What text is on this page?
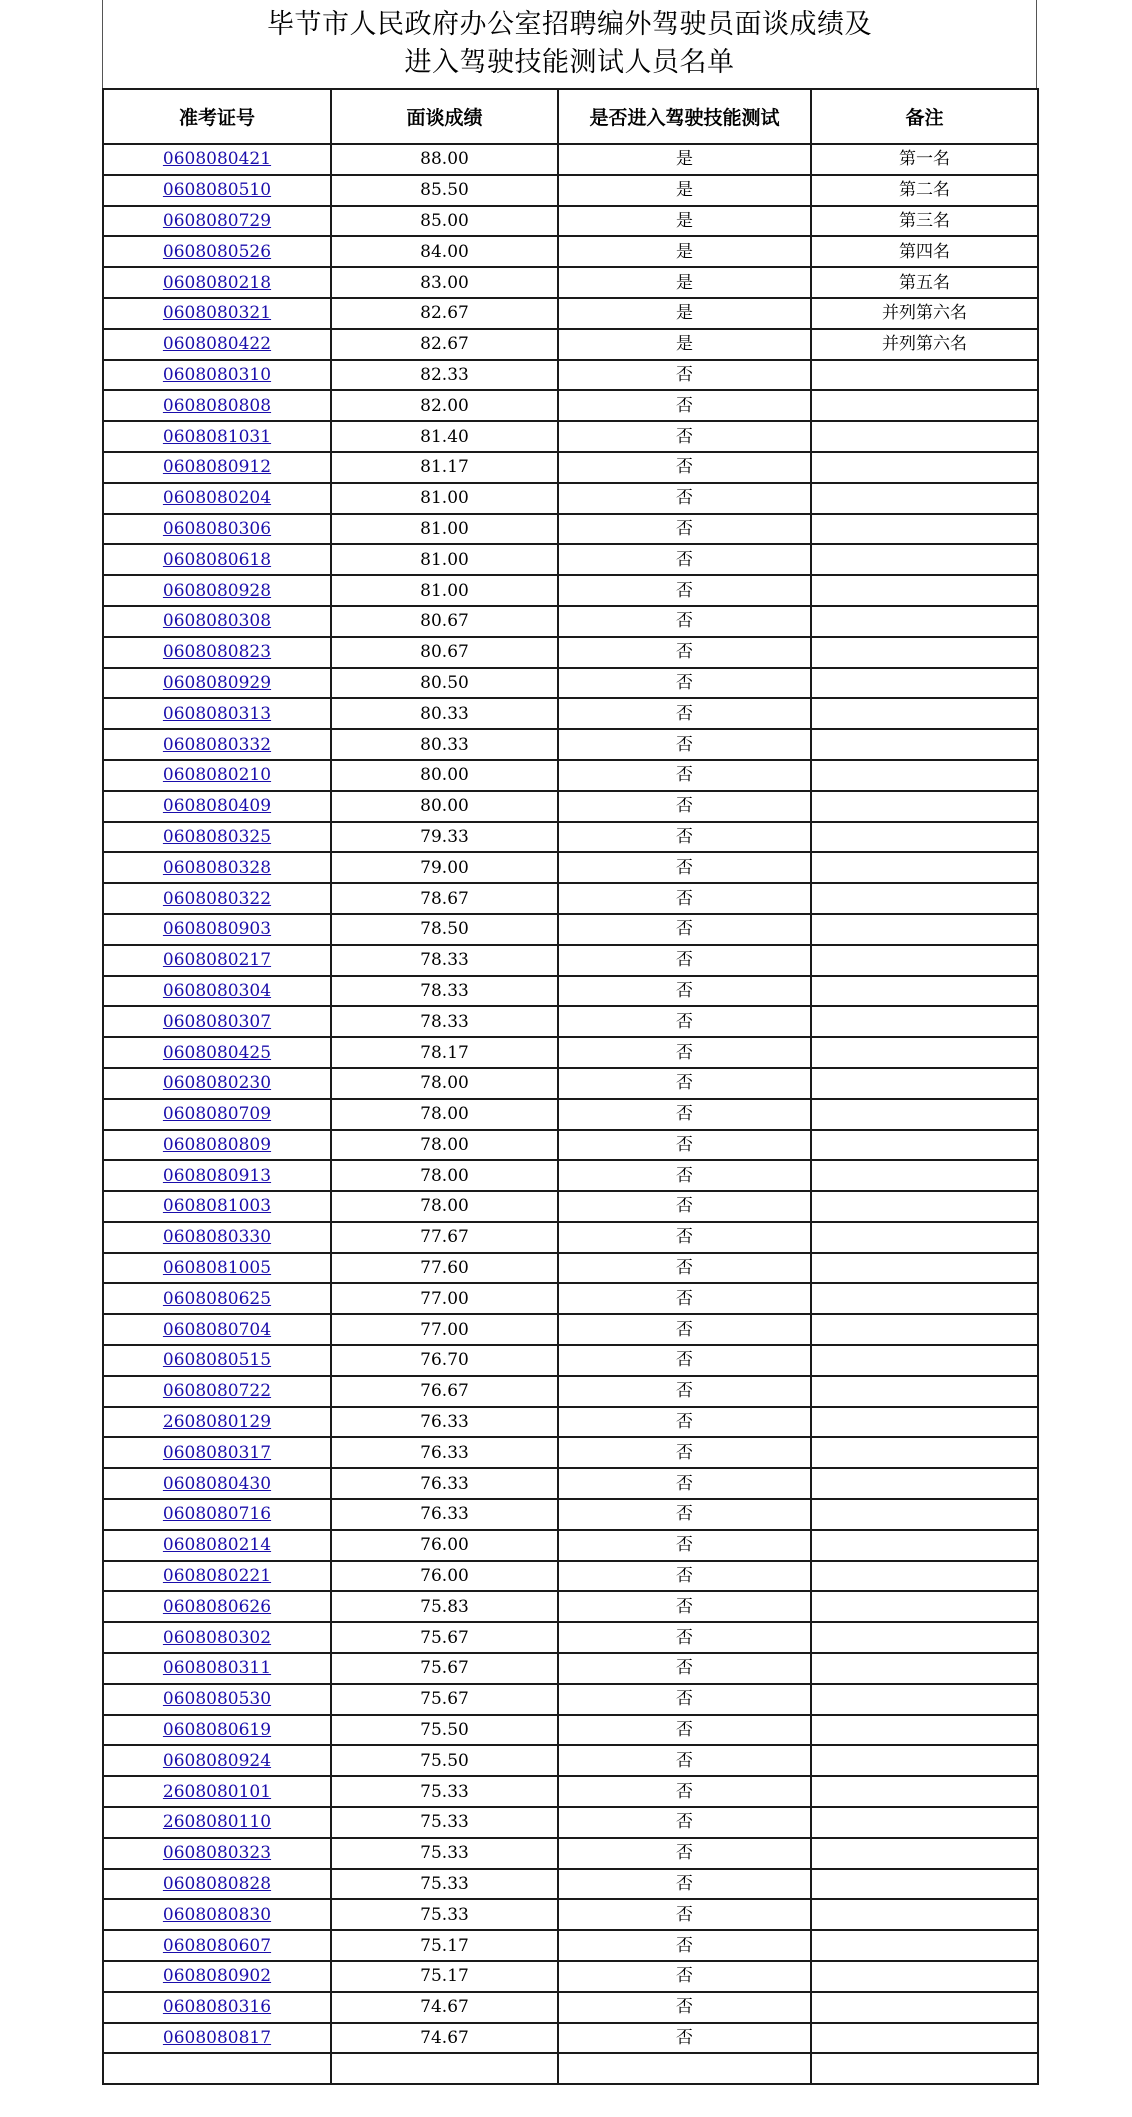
毕节市人民政府办公室招聘编外驾驶员面谈成绩及
进入驾驶技能测试人员名单
准考证号	面谈成绩	是否进入驾驶技能测试	备注
0608080421	88.00	是	第一名
0608080510	85.50	是	第二名
0608080729	85.00	是	第三名
0608080526	84.00	是	第四名
0608080218	83.00	是	第五名
0608080321	82.67	是	并列第六名
0608080422	82.67	是	并列第六名
0608080310	82.33	否	
0608080808	82.00	否	
0608081031	81.40	否	
0608080912	81.17	否	
0608080204	81.00	否	
0608080306	81.00	否	
0608080618	81.00	否	
0608080928	81.00	否	
0608080308	80.67	否	
0608080823	80.67	否	
0608080929	80.50	否	
0608080313	80.33	否	
0608080332	80.33	否	
0608080210	80.00	否	
0608080409	80.00	否	
0608080325	79.33	否	
0608080328	79.00	否	
0608080322	78.67	否	
0608080903	78.50	否	
0608080217	78.33	否	
0608080304	78.33	否	
0608080307	78.33	否	
0608080425	78.17	否	
0608080230	78.00	否	
0608080709	78.00	否	
0608080809	78.00	否	
0608080913	78.00	否	
0608081003	78.00	否	
0608080330	77.67	否	
0608081005	77.60	否	
0608080625	77.00	否	
0608080704	77.00	否	
0608080515	76.70	否	
0608080722	76.67	否	
2608080129	76.33	否	
0608080317	76.33	否	
0608080430	76.33	否	
0608080716	76.33	否	
0608080214	76.00	否	
0608080221	76.00	否	
0608080626	75.83	否	
0608080302	75.67	否	
0608080311	75.67	否	
0608080530	75.67	否	
0608080619	75.50	否	
0608080924	75.50	否	
2608080101	75.33	否	
2608080110	75.33	否	
0608080323	75.33	否	
0608080828	75.33	否	
0608080830	75.33	否	
0608080607	75.17	否	
0608080902	75.17	否	
0608080316	74.67	否	
0608080817	74.67	否	
